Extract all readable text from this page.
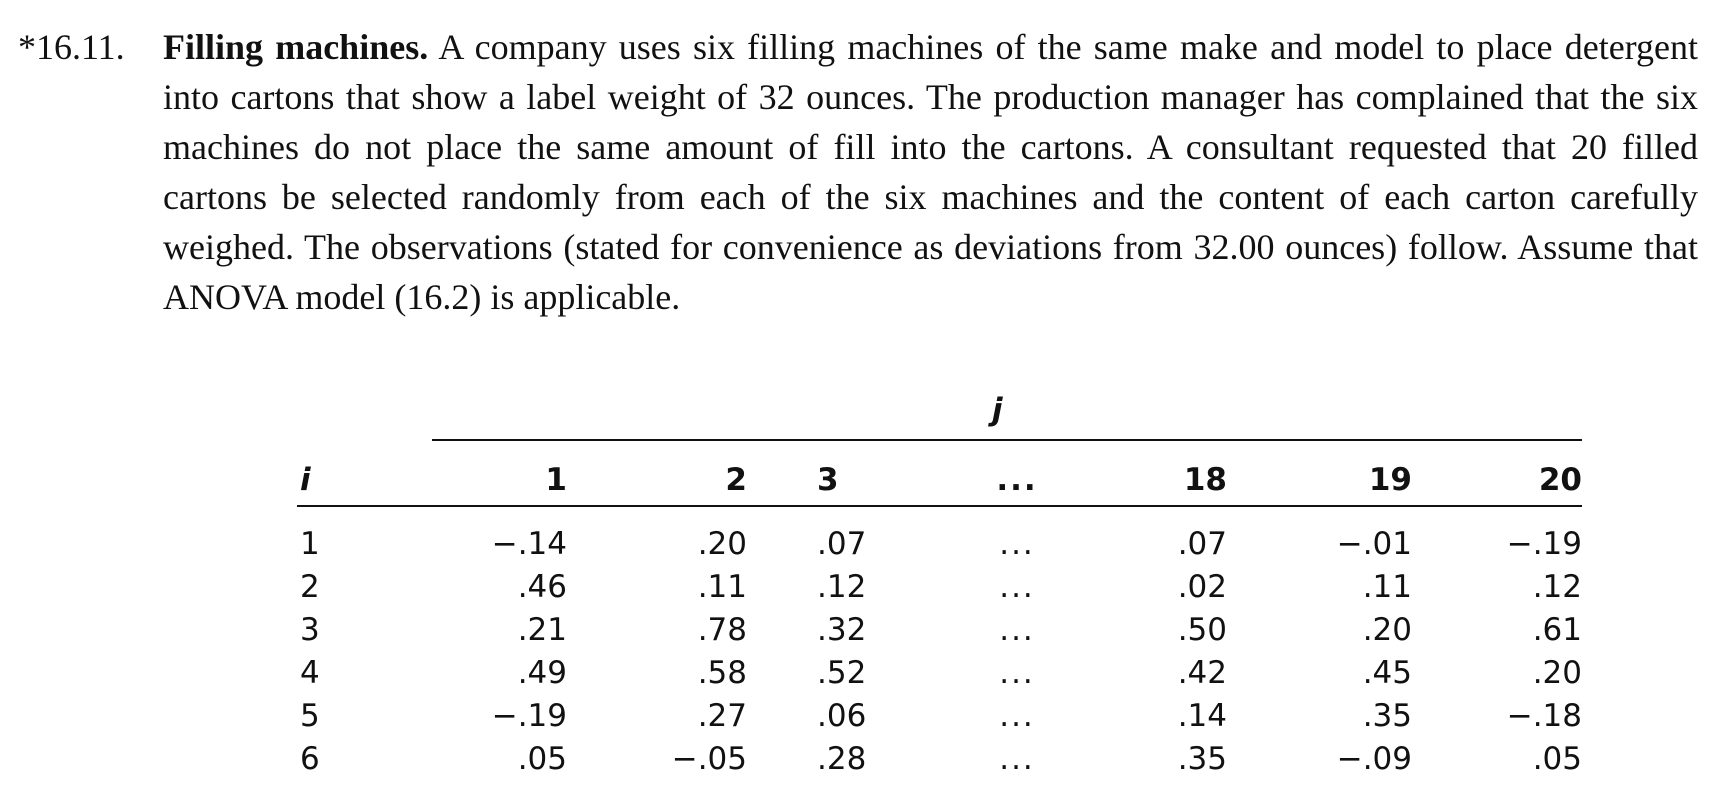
*16.11. Filling machines. A company uses six filling machines of the same make and model to place detergent into cartons that show a label weight of 32 ounces. The production manager has complained that the six machines do not place the same amount of fill into the cartons. A consultant requested that 20 filled cartons be selected randomly from each of the six machines and the content of each carton carefully weighed. The observations (stated for convenience as deviations from 32.00 ounces) follow. Assume that ANOVA model (16.2) is applicable.
j
i	1	2 3	...	18	19	20
1	−.14	.20 .07	...	.07	−.01	−.19
2	.46	.11 .12	...	.02	.11	.12
3	.21	.78 .32	...	.50	.20	.61
4	.49	.58 .52	...	.42	.45	.20
5	−.19	.27 .06	...	.14	.35	−.18
6	.05	−.05 .28	...	.35	−.09	.05
